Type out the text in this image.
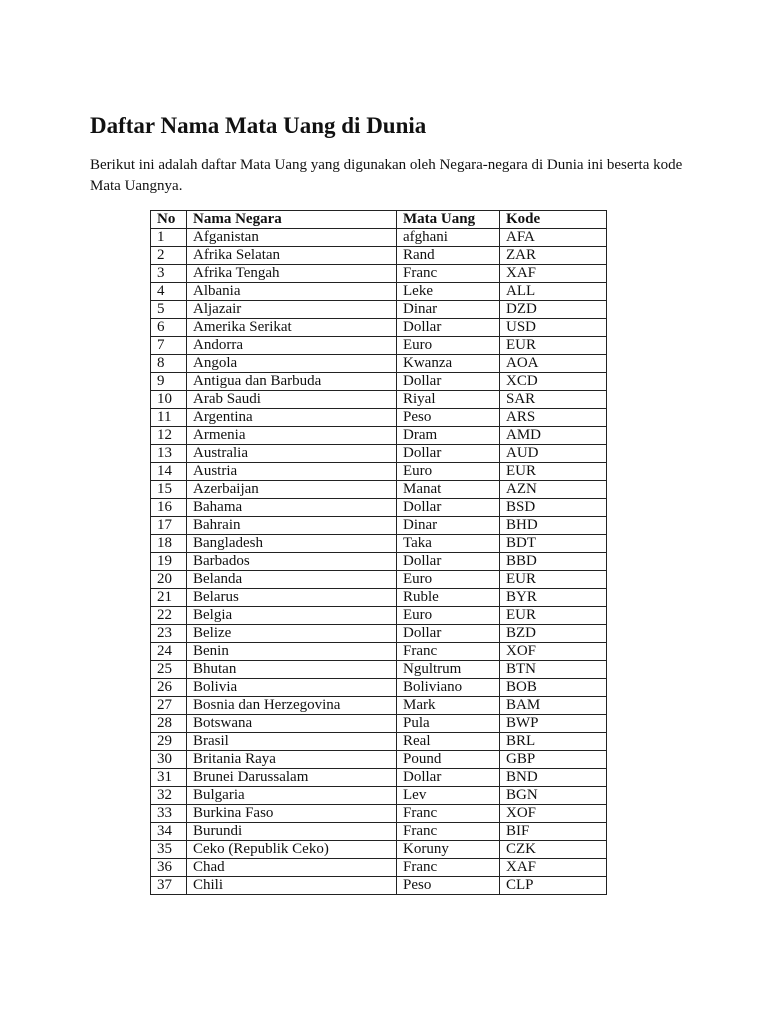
Daftar Nama Mata Uang di Dunia

Berikut ini adalah daftar Mata Uang yang digunakan oleh Negara-negara di Dunia ini beserta kode Mata Uangnya.

No	Nama Negara	Mata Uang	Kode
1	Afganistan	afghani	AFA
2	Afrika Selatan	Rand	ZAR
3	Afrika Tengah	Franc	XAF
4	Albania	Leke	ALL
5	Aljazair	Dinar	DZD
6	Amerika Serikat	Dollar	USD
7	Andorra	Euro	EUR
8	Angola	Kwanza	AOA
9	Antigua dan Barbuda	Dollar	XCD
10	Arab Saudi	Riyal	SAR
11	Argentina	Peso	ARS
12	Armenia	Dram	AMD
13	Australia	Dollar	AUD
14	Austria	Euro	EUR
15	Azerbaijan	Manat	AZN
16	Bahama	Dollar	BSD
17	Bahrain	Dinar	BHD
18	Bangladesh	Taka	BDT
19	Barbados	Dollar	BBD
20	Belanda	Euro	EUR
21	Belarus	Ruble	BYR
22	Belgia	Euro	EUR
23	Belize	Dollar	BZD
24	Benin	Franc	XOF
25	Bhutan	Ngultrum	BTN
26	Bolivia	Boliviano	BOB
27	Bosnia dan Herzegovina	Mark	BAM
28	Botswana	Pula	BWP
29	Brasil	Real	BRL
30	Britania Raya	Pound	GBP
31	Brunei Darussalam	Dollar	BND
32	Bulgaria	Lev	BGN
33	Burkina Faso	Franc	XOF
34	Burundi	Franc	BIF
35	Ceko (Republik Ceko)	Koruny	CZK
36	Chad	Franc	XAF
37	Chili	Peso	CLP
